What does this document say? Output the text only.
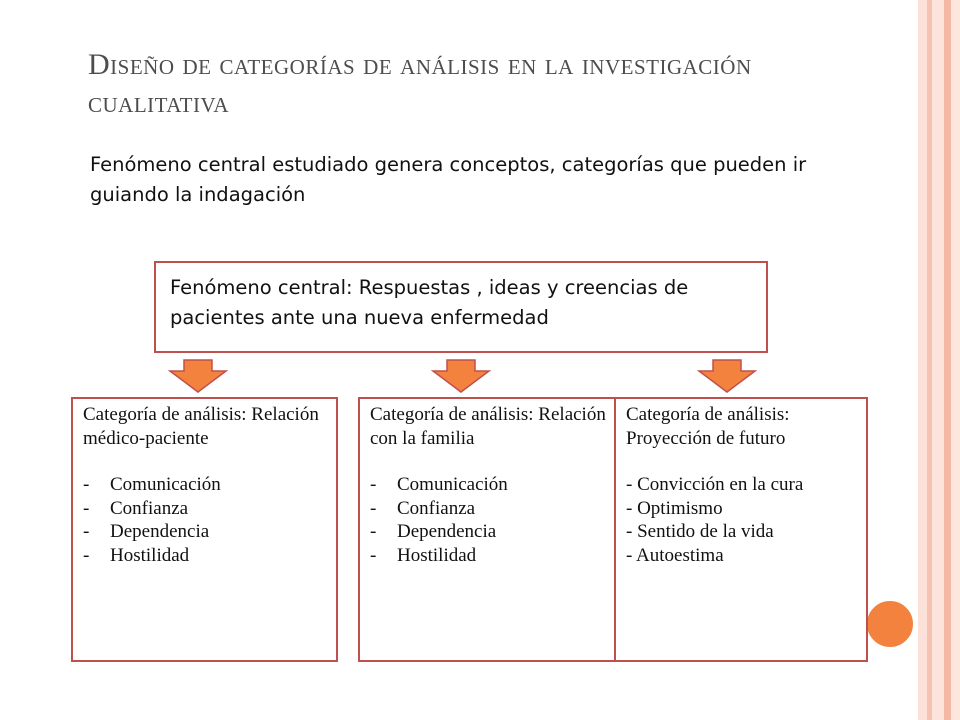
Diseño de categorías de análisis en la investigación cualitativa
Fenómeno central estudiado genera conceptos, categorías que pueden ir guiando la indagación
Fenómeno central: Respuestas , ideas y creencias de pacientes ante una nueva enfermedad
Categoría de análisis: Relación médico-paciente
- Comunicación
- Confianza
- Dependencia
- Hostilidad
Categoría de análisis: Relación con la familia
- Comunicación
- Confianza
- Dependencia
- Hostilidad
Categoría de análisis: Proyección de futuro
- Convicción en la cura
- Optimismo
- Sentido de la vida
- Autoestima
